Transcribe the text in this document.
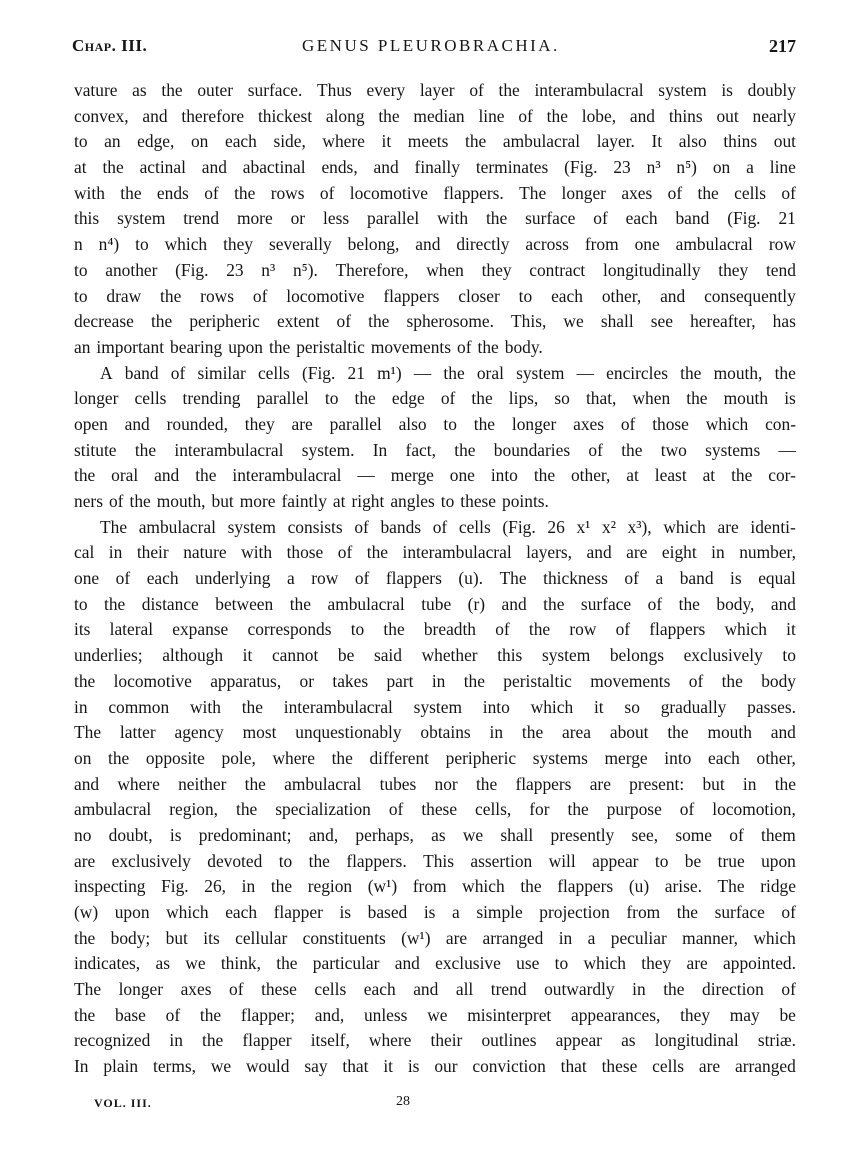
Chap. III.	GENUS PLEUROBRACHIA.	217
vature as the outer surface. Thus every layer of the interambulacral system is doubly
convex, and therefore thickest along the median line of the lobe, and thins out nearly
to an edge, on each side, where it meets the ambulacral layer. It also thins out
at the actinal and abactinal ends, and finally terminates (Fig. 23 n³ n⁵) on a line
with the ends of the rows of locomotive flappers. The longer axes of the cells of
this system trend more or less parallel with the surface of each band (Fig. 21
n n⁴) to which they severally belong, and directly across from one ambulacral row
to another (Fig. 23 n³ n⁵). Therefore, when they contract longitudinally they tend
to draw the rows of locomotive flappers closer to each other, and consequently
decrease the peripheric extent of the spherosome. This, we shall see hereafter, has
an important bearing upon the peristaltic movements of the body.
A band of similar cells (Fig. 21 m¹) — the oral system — encircles the mouth, the
longer cells trending parallel to the edge of the lips, so that, when the mouth is
open and rounded, they are parallel also to the longer axes of those which con-
stitute the interambulacral system. In fact, the boundaries of the two systems —
the oral and the interambulacral — merge one into the other, at least at the cor-
ners of the mouth, but more faintly at right angles to these points.
The ambulacral system consists of bands of cells (Fig. 26 x¹ x² x³), which are identi-
cal in their nature with those of the interambulacral layers, and are eight in number,
one of each underlying a row of flappers (u). The thickness of a band is equal
to the distance between the ambulacral tube (r) and the surface of the body, and
its lateral expanse corresponds to the breadth of the row of flappers which it
underlies; although it cannot be said whether this system belongs exclusively to
the locomotive apparatus, or takes part in the peristaltic movements of the body
in common with the interambulacral system into which it so gradually passes.
The latter agency most unquestionably obtains in the area about the mouth and
on the opposite pole, where the different peripheric systems merge into each other,
and where neither the ambulacral tubes nor the flappers are present: but in the
ambulacral region, the specialization of these cells, for the purpose of locomotion,
no doubt, is predominant; and, perhaps, as we shall presently see, some of them
are exclusively devoted to the flappers. This assertion will appear to be true upon
inspecting Fig. 26, in the region (w¹) from which the flappers (u) arise. The ridge
(w) upon which each flapper is based is a simple projection from the surface of
the body; but its cellular constituents (w¹) are arranged in a peculiar manner, which
indicates, as we think, the particular and exclusive use to which they are appointed.
The longer axes of these cells each and all trend outwardly in the direction of
the base of the flapper; and, unless we misinterpret appearances, they may be
recognized in the flapper itself, where their outlines appear as longitudinal striæ.
In plain terms, we would say that it is our conviction that these cells are arranged
VOL. III.	28
